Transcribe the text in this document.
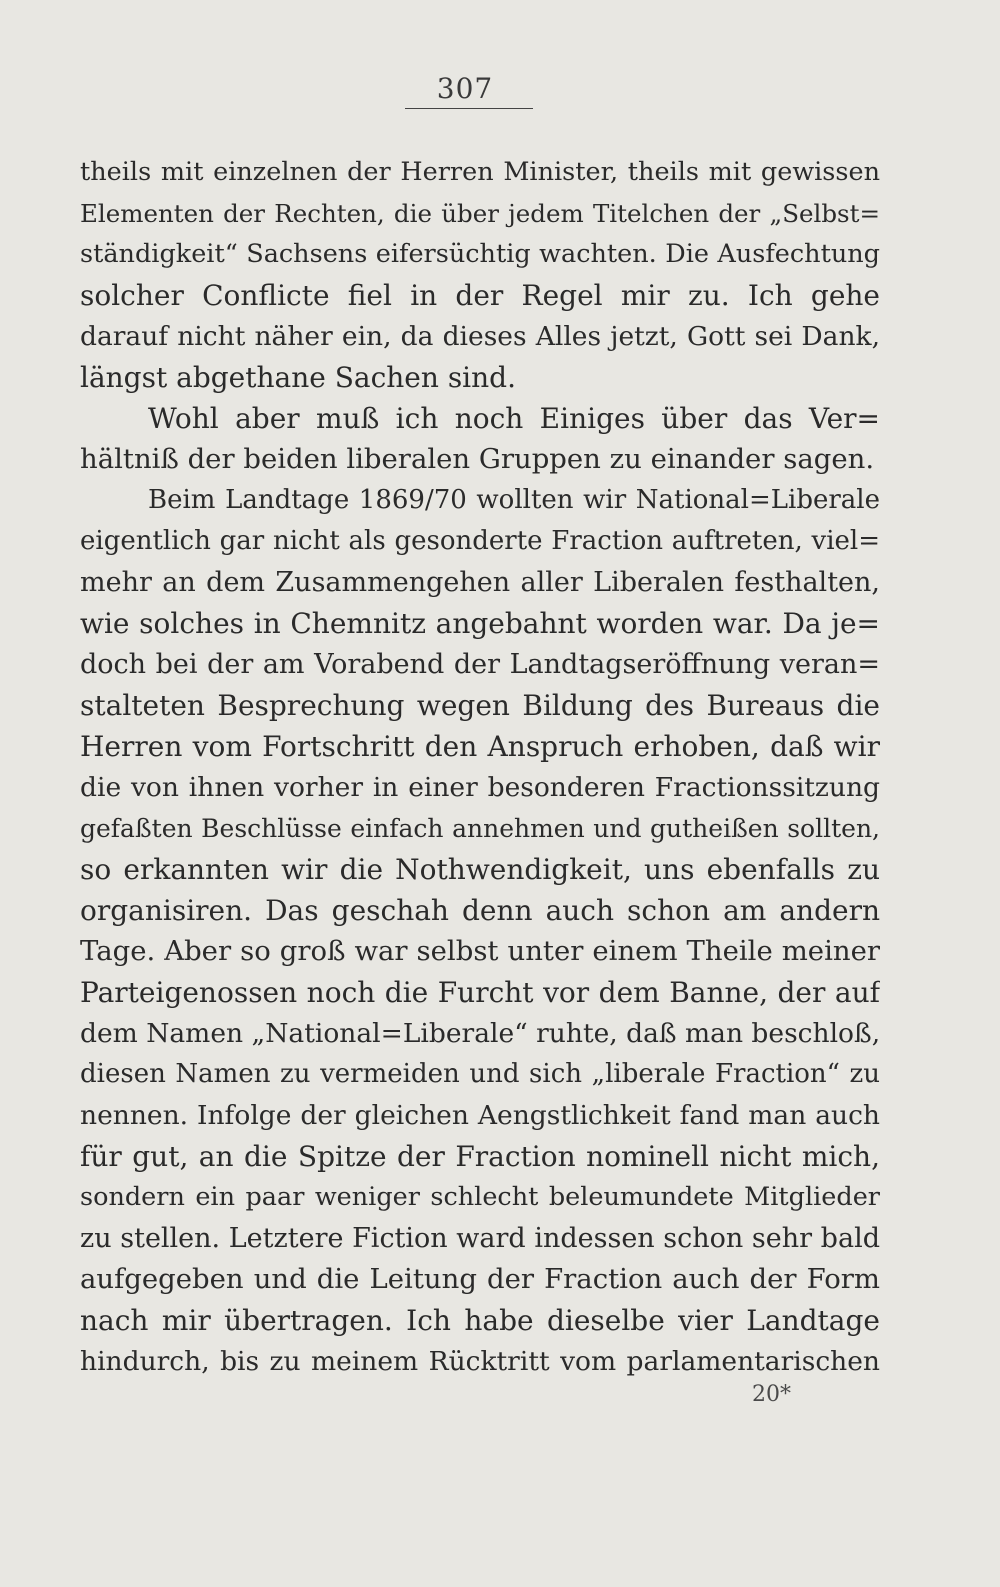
307
theils mit einzelnen der Herren Minister, theils mit gewissen
Elementen der Rechten, die über jedem Titelchen der „Selbst=
ständigkeit“ Sachsens eifersüchtig wachten. Die Ausfechtung
solcher Conflicte fiel in der Regel mir zu. Ich gehe
darauf nicht näher ein, da dieses Alles jetzt, Gott sei Dank,
längst abgethane Sachen sind.
Wohl aber muß ich noch Einiges über das Ver=
hältniß der beiden liberalen Gruppen zu einander sagen.
Beim Landtage 1869/70 wollten wir National=Liberale
eigentlich gar nicht als gesonderte Fraction auftreten, viel=
mehr an dem Zusammengehen aller Liberalen festhalten,
wie solches in Chemnitz angebahnt worden war. Da je=
doch bei der am Vorabend der Landtagseröffnung veran=
stalteten Besprechung wegen Bildung des Bureaus die
Herren vom Fortschritt den Anspruch erhoben, daß wir
die von ihnen vorher in einer besonderen Fractionssitzung
gefaßten Beschlüsse einfach annehmen und gutheißen sollten,
so erkannten wir die Nothwendigkeit, uns ebenfalls zu
organisiren. Das geschah denn auch schon am andern
Tage. Aber so groß war selbst unter einem Theile meiner
Parteigenossen noch die Furcht vor dem Banne, der auf
dem Namen „National=Liberale“ ruhte, daß man beschloß,
diesen Namen zu vermeiden und sich „liberale Fraction“ zu
nennen. Infolge der gleichen Aengstlichkeit fand man auch
für gut, an die Spitze der Fraction nominell nicht mich,
sondern ein paar weniger schlecht beleumundete Mitglieder
zu stellen. Letztere Fiction ward indessen schon sehr bald
aufgegeben und die Leitung der Fraction auch der Form
nach mir übertragen. Ich habe dieselbe vier Landtage
hindurch, bis zu meinem Rücktritt vom parlamentarischen
20*
